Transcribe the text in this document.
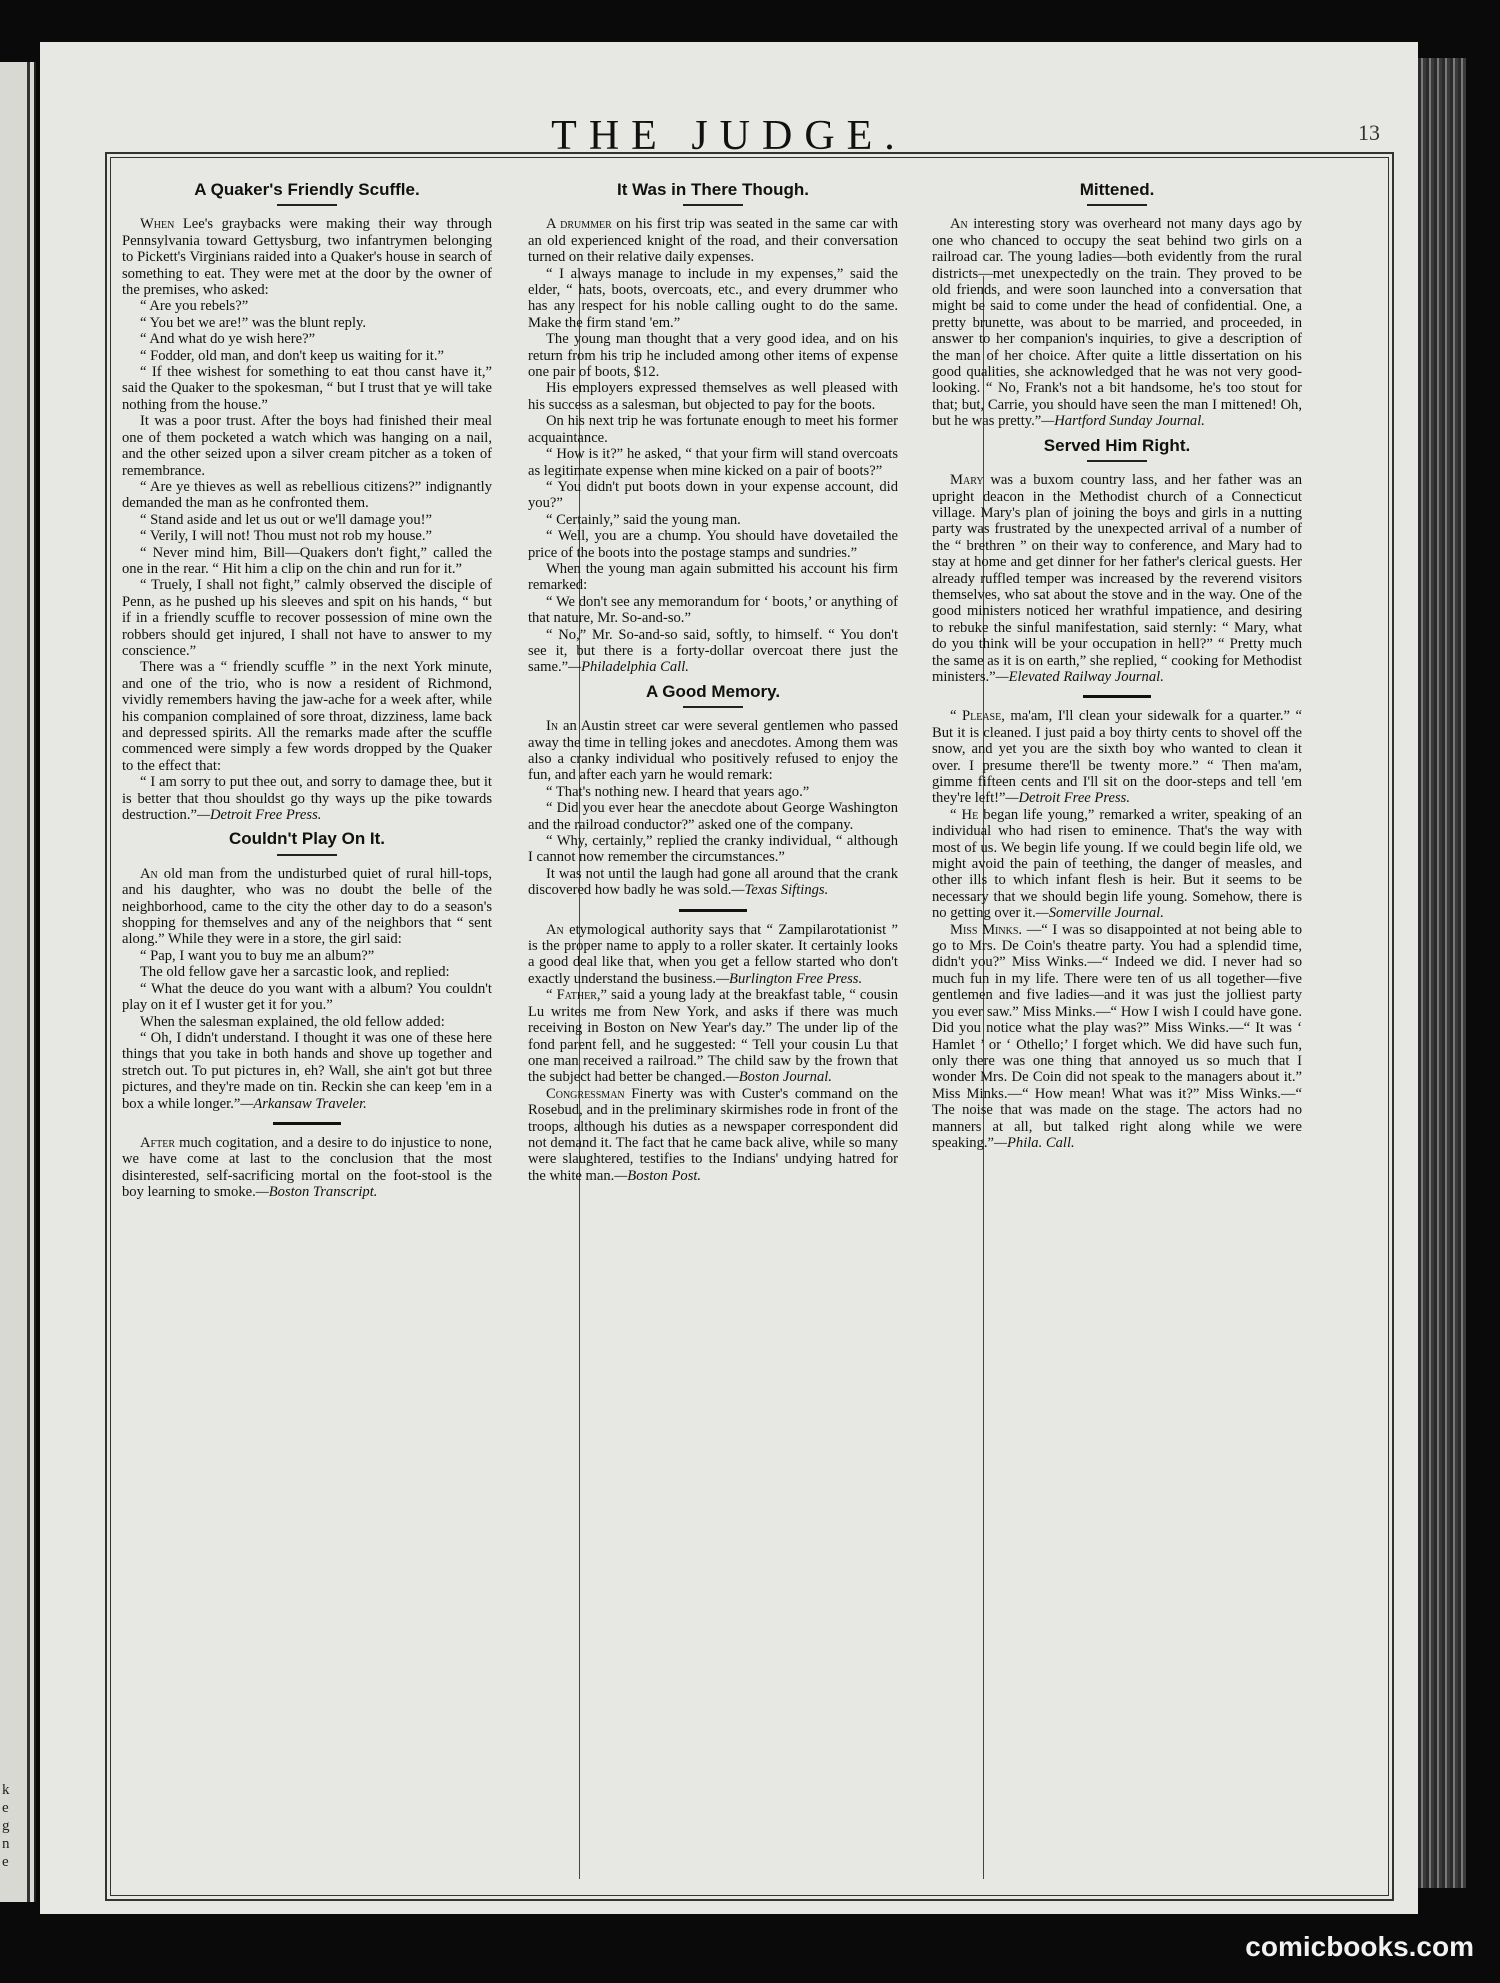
k
e
g
n
e
THE JUDGE.	13
A Quaker's Friendly Scuffle.

When Lee's graybacks were making their way through Pennsylvania toward Gettysburg, two infantrymen belonging to Pickett's Virginians raided into a Quaker's house in search of something to eat. They were met at the door by the owner of the premises, who asked:

“ Are you rebels?”

“ You bet we are!” was the blunt reply.

“ And what do ye wish here?”

“ Fodder, old man, and don't keep us waiting for it.”

“ If thee wishest for something to eat thou canst have it,” said the Quaker to the spokesman, “ but I trust that ye will take nothing from the house.”

It was a poor trust. After the boys had finished their meal one of them pocketed a watch which was hanging on a nail, and the other seized upon a silver cream pitcher as a token of remembrance.

“ Are ye thieves as well as rebellious citizens?” indignantly demanded the man as he confronted them.

“ Stand aside and let us out or we'll damage you!”

“ Verily, I will not! Thou must not rob my house.”

“ Never mind him, Bill—Quakers don't fight,” called the one in the rear. “ Hit him a clip on the chin and run for it.”

“ Truely, I shall not fight,” calmly observed the disciple of Penn, as he pushed up his sleeves and spit on his hands, “ but if in a friendly scuffle to recover possession of mine own the robbers should get injured, I shall not have to answer to my conscience.”

There was a “ friendly scuffle ” in the next York minute, and one of the trio, who is now a resident of Richmond, vividly remembers having the jaw-ache for a week after, while his companion complained of sore throat, dizziness, lame back and depressed spirits. All the remarks made after the scuffle commenced were simply a few words dropped by the Quaker to the effect that:

“ I am sorry to put thee out, and sorry to damage thee, but it is better that thou shouldst go thy ways up the pike towards destruction.”—Detroit Free Press.

Couldn't Play On It.

An old man from the undisturbed quiet of rural hill-tops, and his daughter, who was no doubt the belle of the neighborhood, came to the city the other day to do a season's shopping for themselves and any of the neighbors that “ sent along.” While they were in a store, the girl said:

“ Pap, I want you to buy me an album?”

The old fellow gave her a sarcastic look, and replied:

“ What the deuce do you want with a album? You couldn't play on it ef I wuster get it for you.”

When the salesman explained, the old fellow added:

“ Oh, I didn't understand. I thought it was one of these here things that you take in both hands and shove up together and stretch out. To put pictures in, eh? Wall, she ain't got but three pictures, and they're made on tin. Reckin she can keep 'em in a box a while longer.”—Arkansaw Traveler.

After much cogitation, and a desire to do injustice to none, we have come at last to the conclusion that the most disinterested, self-sacrificing mortal on the foot-stool is the boy learning to smoke.—Boston Transcript.

It Was in There Though.

A drummer on his first trip was seated in the same car with an old experienced knight of the road, and their conversation turned on their relative daily expenses.

“ I always manage to include in my expenses,” said the elder, “ hats, boots, overcoats, etc., and every drummer who has any respect for his noble calling ought to do the same. Make the firm stand 'em.”

The young man thought that a very good idea, and on his return from his trip he included among other items of expense one pair of boots, $12.

His employers expressed themselves as well pleased with his success as a salesman, but objected to pay for the boots.

On his next trip he was fortunate enough to meet his former acquaintance.

“ How is it?” he asked, “ that your firm will stand overcoats as legitimate expense when mine kicked on a pair of boots?”

“ You didn't put boots down in your expense account, did you?”

“ Certainly,” said the young man.

“ Well, you are a chump. You should have dovetailed the price of the boots into the postage stamps and sundries.”

When the young man again submitted his account his firm remarked:

“ We don't see any memorandum for ‘ boots,’ or anything of that nature, Mr. So-and-so.”

“ No,” Mr. So-and-so said, softly, to himself. “ You don't see it, but there is a forty-dollar overcoat there just the same.”—Philadelphia Call.

A Good Memory.

In an Austin street car were several gentlemen who passed away the time in telling jokes and anecdotes. Among them was also a cranky individual who positively refused to enjoy the fun, and after each yarn he would remark:

“ That's nothing new. I heard that years ago.”

“ Did you ever hear the anecdote about George Washington and the railroad conductor?” asked one of the company.

“ Why, certainly,” replied the cranky individual, “ although I cannot now remember the circumstances.”

It was not until the laugh had gone all around that the crank discovered how badly he was sold.—Texas Siftings.

An etymological authority says that “ Zampilarotationist ” is the proper name to apply to a roller skater. It certainly looks a good deal like that, when you get a fellow started who don't exactly understand the business.—Burlington Free Press.

“ Father,” said a young lady at the breakfast table, “ cousin Lu writes me from New York, and asks if there was much receiving in Boston on New Year's day.” The under lip of the fond parent fell, and he suggested: “ Tell your cousin Lu that one man received a railroad.” The child saw by the frown that the subject had better be changed.—Boston Journal.

Congressman Finerty was with Custer's command on the Rosebud, and in the preliminary skirmishes rode in front of the troops, although his duties as a newspaper correspondent did not demand it. The fact that he came back alive, while so many were slaughtered, testifies to the Indians' undying hatred for the white man.—Boston Post.

Mittened.

An interesting story was overheard not many days ago by one who chanced to occupy the seat behind two girls on a railroad car. The young ladies—both evidently from the rural districts—met unexpectedly on the train. They proved to be old friends, and were soon launched into a conversation that might be said to come under the head of confidential. One, a pretty brunette, was about to be married, and proceeded, in answer to her companion's inquiries, to give a description of the man of her choice. After quite a little dissertation on his good qualities, she acknowledged that he was not very good-looking. “ No, Frank's not a bit handsome, he's too stout for that; but, Carrie, you should have seen the man I mittened! Oh, but he was pretty.”—Hartford Sunday Journal.

Served Him Right.

Mary was a buxom country lass, and her father was an upright deacon in the Methodist church of a Connecticut village. Mary's plan of joining the boys and girls in a nutting party was frustrated by the unexpected arrival of a number of the “ brethren ” on their way to conference, and Mary had to stay at home and get dinner for her father's clerical guests. Her already ruffled temper was increased by the reverend visitors themselves, who sat about the stove and in the way. One of the good ministers noticed her wrathful impatience, and desiring to rebuke the sinful manifestation, said sternly: “ Mary, what do you think will be your occupation in hell?” “ Pretty much the same as it is on earth,” she replied, “ cooking for Methodist ministers.”—Elevated Railway Journal.

“ Please, ma'am, I'll clean your sidewalk for a quarter.” “ But it is cleaned. I just paid a boy thirty cents to shovel off the snow, and yet you are the sixth boy who wanted to clean it over. I presume there'll be twenty more.” “ Then ma'am, gimme fifteen cents and I'll sit on the door-steps and tell 'em they're left!”—Detroit Free Press.

“ He began life young,” remarked a writer, speaking of an individual who had risen to eminence. That's the way with most of us. We begin life young. If we could begin life old, we might avoid the pain of teething, the danger of measles, and other ills to which infant flesh is heir. But it seems to be necessary that we should begin life young. Somehow, there is no getting over it.—Somerville Journal.

Miss Minks. —“ I was so disappointed at not being able to go to Mrs. De Coin's theatre party. You had a splendid time, didn't you?” Miss Winks.—“ Indeed we did. I never had so much fun in my life. There were ten of us all together—five gentlemen and five ladies—and it was just the jolliest party you ever saw.” Miss Minks.—“ How I wish I could have gone. Did you notice what the play was?” Miss Winks.—“ It was ‘ Hamlet ’ or ‘ Othello;’ I forget which. We did have such fun, only there was one thing that annoyed us so much that I wonder Mrs. De Coin did not speak to the managers about it.” Miss Minks.—“ How mean! What was it?” Miss Winks.—“ The noise that was made on the stage. The actors had no manners at all, but talked right along while we were speaking.”—Phila. Call.

comicbooks.com
